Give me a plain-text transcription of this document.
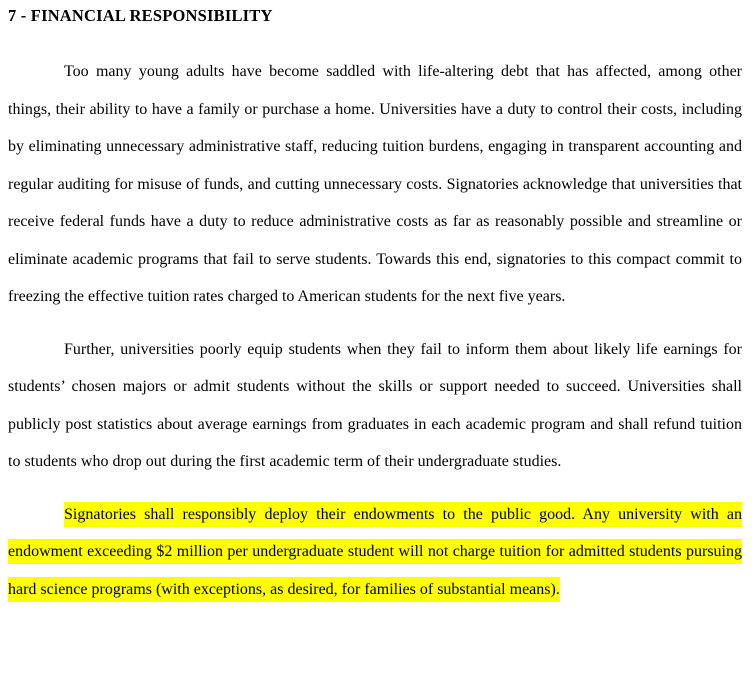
7 - FINANCIAL RESPONSIBILITY

Too many young adults have become saddled with life-altering debt that has affected, among other things, their ability to have a family or purchase a home. Universities have a duty to control their costs, including by eliminating unnecessary administrative staff, reducing tuition burdens, engaging in transparent accounting and regular auditing for misuse of funds, and cutting unnecessary costs. Signatories acknowledge that universities that receive federal funds have a duty to reduce administrative costs as far as reasonably possible and streamline or eliminate academic programs that fail to serve students. Towards this end, signatories to this compact commit to freezing the effective tuition rates charged to American students for the next five years.

Further, universities poorly equip students when they fail to inform them about likely life earnings for students’ chosen majors or admit students without the skills or support needed to succeed. Universities shall publicly post statistics about average earnings from graduates in each academic program and shall refund tuition to students who drop out during the first academic term of their undergraduate studies.

Signatories shall responsibly deploy their endowments to the public good. Any university with an endowment exceeding $2 million per undergraduate student will not charge tuition for admitted students pursuing hard science programs (with exceptions, as desired, for families of substantial means).
